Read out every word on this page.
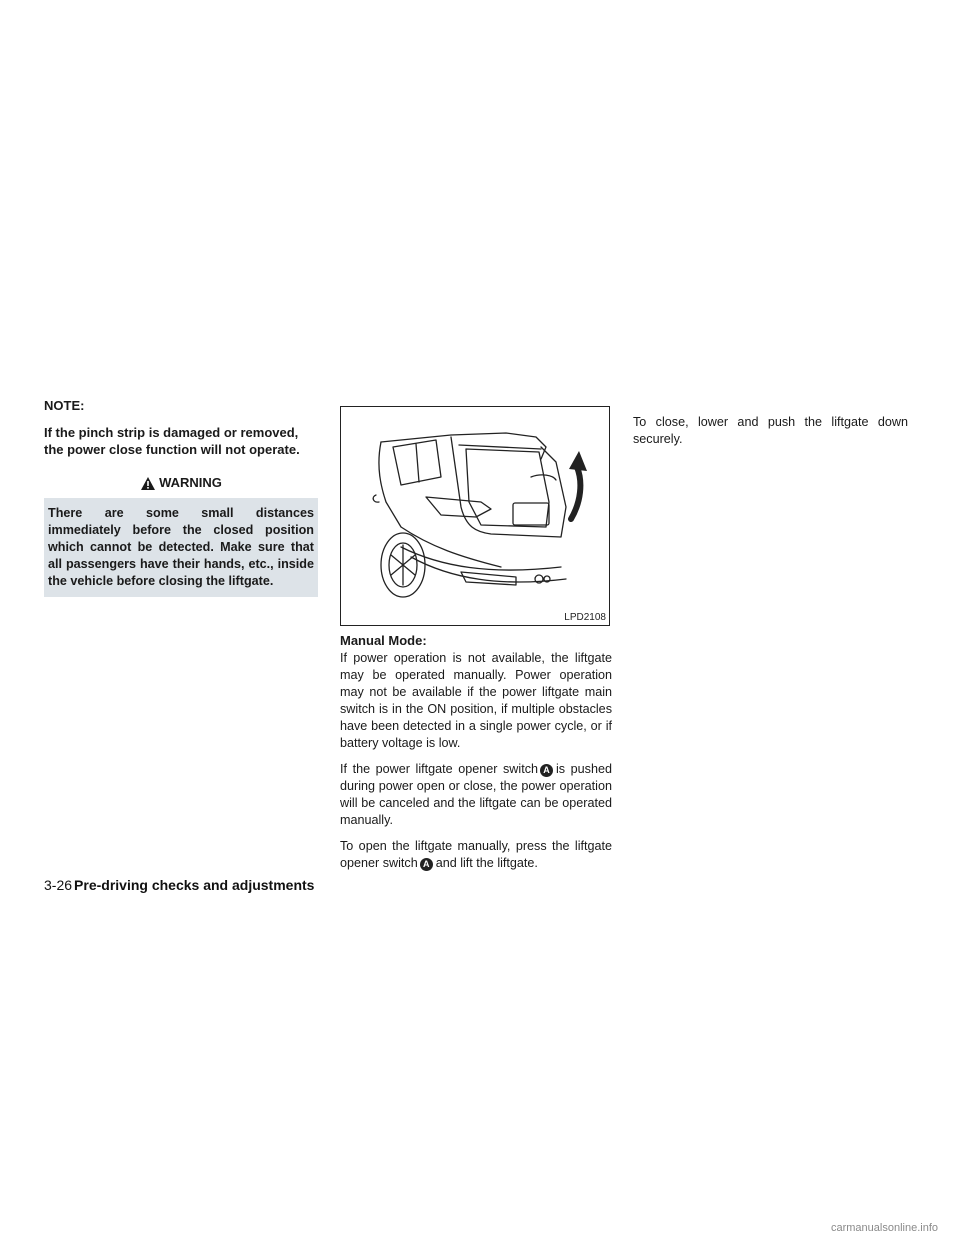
NOTE:

If the pinch strip is damaged or removed, the power close function will not operate.

WARNING
There are some small distances immediately before the closed position which cannot be detected. Make sure that all passengers have their hands, etc., inside the vehicle before closing the liftgate.
LPD2108
Manual Mode:

If power operation is not available, the liftgate may be operated manually. Power operation may not be available if the power liftgate main switch is in the ON position, if multiple obstacles have been detected in a single power cycle, or if battery voltage is low.

If the power liftgate opener switch A is pushed during power open or close, the power operation will be canceled and the liftgate can be operated manually.

To open the liftgate manually, press the liftgate opener switch A and lift the liftgate.

To close, lower and push the liftgate down securely.

3-26 Pre-driving checks and adjustments
carmanualsonline.info
